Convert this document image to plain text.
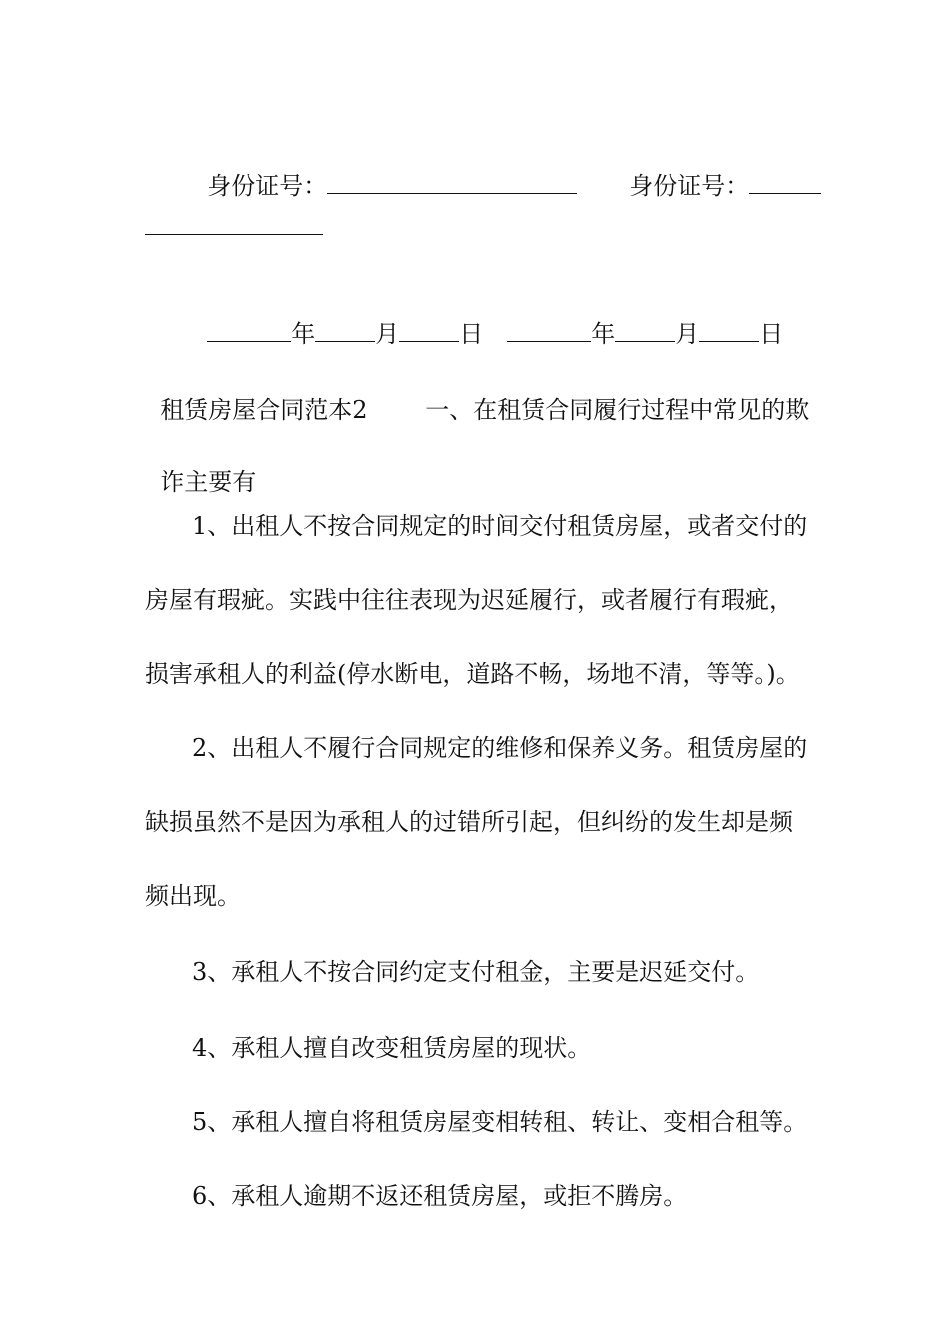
身份证号：	身份证号：

年	月	日	年	月	日

租赁房屋合同范本2	一、在租赁合同履行过程中常见的欺

诈主要有

1、出租人不按合同规定的时间交付租赁房屋，或者交付的
房屋有瑕疵。实践中往往表现为迟延履行，或者履行有瑕疵，
损害承租人的利益(停水断电，道路不畅，场地不清，等等。)。
2、出租人不履行合同规定的维修和保养义务。租赁房屋的
缺损虽然不是因为承租人的过错所引起，但纠纷的发生却是频
频出现。
3、承租人不按合同约定支付租金，主要是迟延交付。
4、承租人擅自改变租赁房屋的现状。
5、承租人擅自将租赁房屋变相转租、转让、变相合租等。
6、承租人逾期不返还租赁房屋，或拒不腾房。
